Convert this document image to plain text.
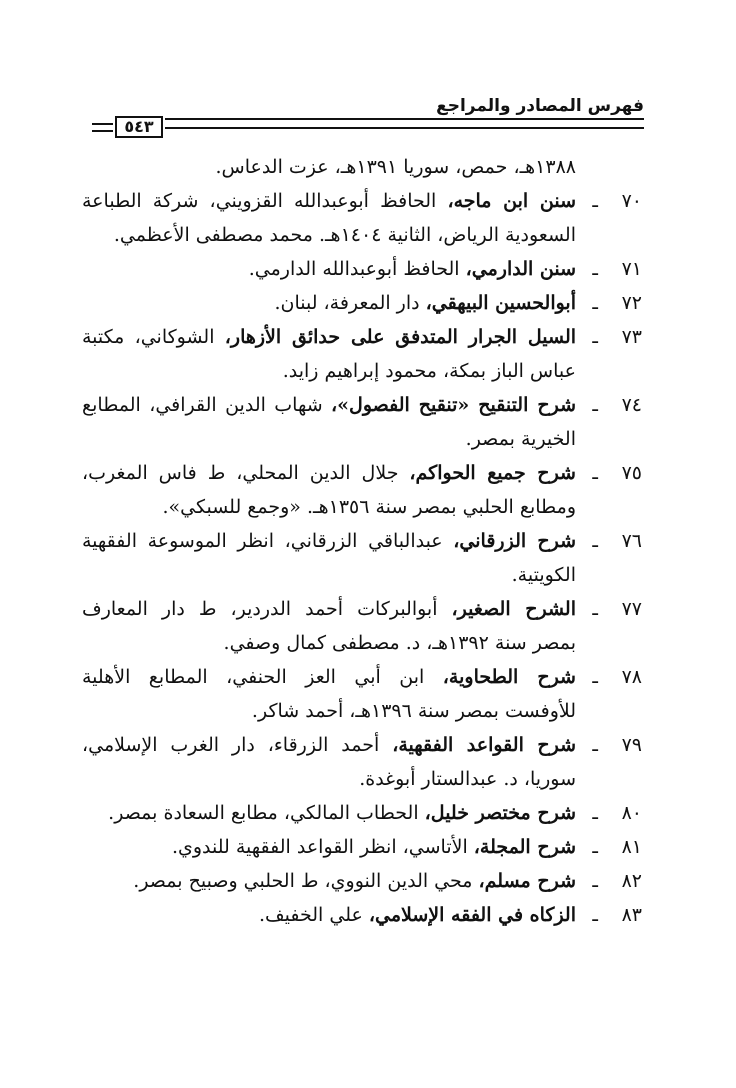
فهرس المصادر والمراجع
٥٤٣
١٣٨٨هـ، حمص، سوريا ١٣٩١هـ، عزت الدعاس.
٧٠
ـ
سنن ابن ماجه، الحافظ أبوعبدالله القزويني، شركة الطباعة
السعودية الرياض، الثانية ١٤٠٤هـ. محمد مصطفى الأعظمي.
٧١
ـ
سنن الدارمي، الحافظ أبوعبدالله الدارمي.
٧٢
ـ
أبوالحسين البيهقي، دار المعرفة، لبنان.
٧٣
ـ
السيل الجرار المتدفق على حدائق الأزهار، الشوكاني، مكتبة
عباس الباز بمكة، محمود إبراهيم زايد.
٧٤
ـ
شرح التنقيح «تنقيح الفصول»، شهاب الدين القرافي، المطابع
الخيرية بمصر.
٧٥
ـ
شرح جميع الحواكم، جلال الدين المحلي، ط فاس المغرب،
ومطابع الحلبي بمصر سنة ١٣٥٦هـ. «وجمع للسبكي».
٧٦
ـ
شرح الزرقاني، عبدالباقي الزرقاني، انظر الموسوعة الفقهية
الكويتية.
٧٧
ـ
الشرح الصغير، أبوالبركات أحمد الدردير، ط دار المعارف
بمصر سنة ١٣٩٢هـ، د. مصطفى كمال وصفي.
٧٨
ـ
شرح الطحاوية، ابن أبي العز الحنفي، المطابع الأهلية
للأوفست بمصر سنة ١٣٩٦هـ، أحمد شاكر.
٧٩
ـ
شرح القواعد الفقهية، أحمد الزرقاء، دار الغرب الإسلامي،
سوريا، د. عبدالستار أبوغدة.
٨٠
ـ
شرح مختصر خليل، الحطاب المالكي، مطابع السعادة بمصر.
٨١
ـ
شرح المجلة، الأتاسي، انظر القواعد الفقهية للندوي.
٨٢
ـ
شرح مسلم، محي الدين النووي، ط الحلبي وصبيح بمصر.
٨٣
ـ
الزكاه في الفقه الإسلامي، علي الخفيف.
